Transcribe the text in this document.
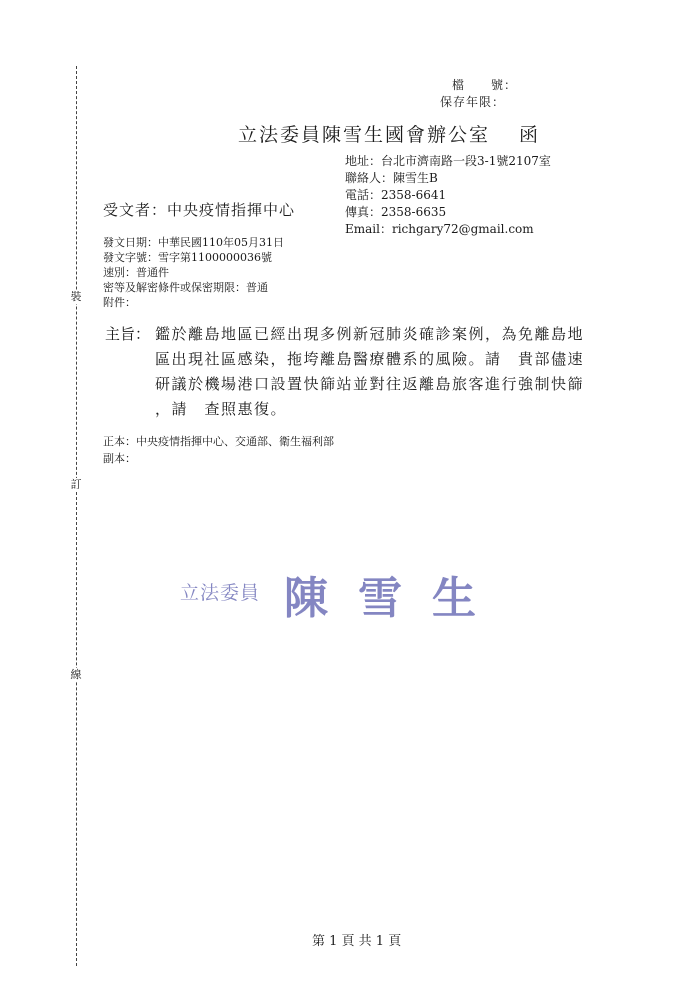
裝
訂
線
檔　　號：
保存年限：
立法委員陳雪生國會辦公室　 函
地址：台北市濟南路一段3-1號2107室
聯絡人：陳雪生B
電話：2358-6641
傳真：2358-6635
Email：richgary72@gmail.com
受文者：中央疫情指揮中心
發文日期：中華民國110年05月31日
發文字號：雪字第1100000036號
速別：普通件
密等及解密條件或保密期限：普通
附件：
主旨： 鑑於離島地區已經出現多例新冠肺炎確診案例，為免離島地
區出現社區感染，拖垮離島醫療體系的風險。請　貴部儘速
研議於機場港口設置快篩站並對往返離島旅客進行強制快篩
，請　查照惠復。
正本：中央疫情指揮中心、交通部、衛生福利部
副本：
立法委員 陳雪生
第 1 頁 共 1 頁
